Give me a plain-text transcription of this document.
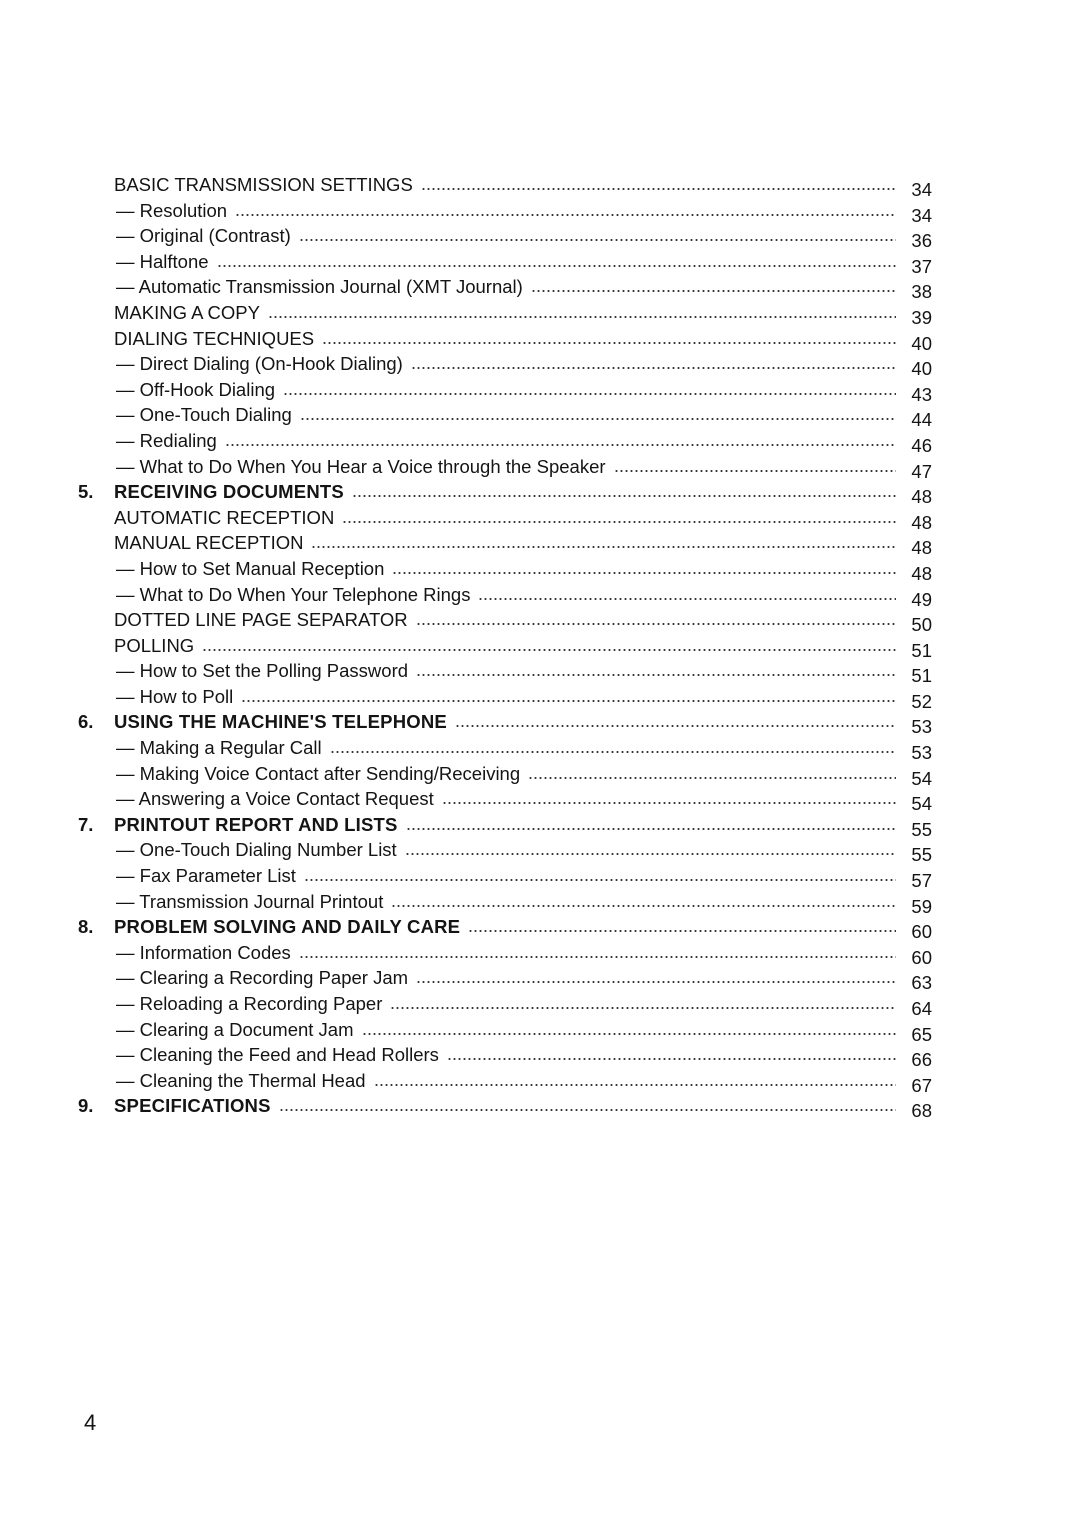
BASIC TRANSMISSION SETTINGS	34
— Resolution	34
— Original (Contrast)	36
— Halftone	37
— Automatic Transmission Journal (XMT Journal)	38
MAKING A COPY	39
DIALING TECHNIQUES	40
— Direct Dialing (On-Hook Dialing)	40
— Off-Hook Dialing	43
— One-Touch Dialing	44
— Redialing	46
— What to Do When You Hear a Voice through the Speaker	47
5.	RECEIVING DOCUMENTS	48
AUTOMATIC RECEPTION	48
MANUAL RECEPTION	48
— How to Set Manual Reception	48
— What to Do When Your Telephone Rings	49
DOTTED LINE PAGE SEPARATOR	50
POLLING	51
— How to Set the Polling Password	51
— How to Poll	52
6.	USING THE MACHINE'S TELEPHONE	53
— Making a Regular Call	53
— Making Voice Contact after Sending/Receiving	54
— Answering a Voice Contact Request	54
7.	PRINTOUT REPORT AND LISTS	55
— One-Touch Dialing Number List	55
— Fax Parameter List	57
— Transmission Journal Printout	59
8.	PROBLEM SOLVING AND DAILY CARE	60
— Information Codes	60
— Clearing a Recording Paper Jam	63
— Reloading a Recording Paper	64
— Clearing a Document Jam	65
— Cleaning the Feed and Head Rollers	66
— Cleaning the Thermal Head	67
9.	SPECIFICATIONS	68
4
